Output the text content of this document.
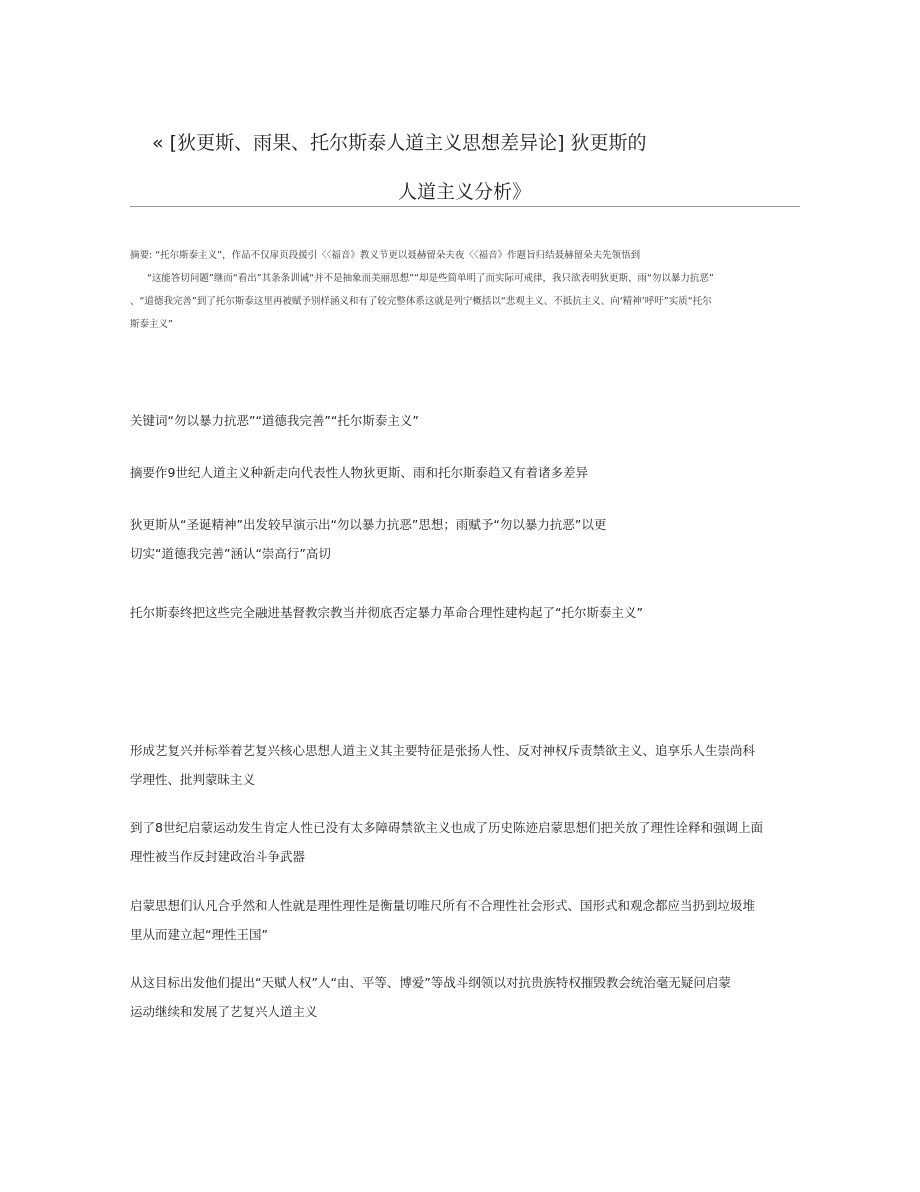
« [狄更斯、雨果、托尔斯泰人道主义思想差异论] 狄更斯的
人道主义分析》

摘要: “托尔斯泰主义”，作品不仅扉页段援引〈〈福音》教义节更以聂赫留朵夫夜〈〈福音》作题旨归结聂赫留朵夫先领悟到

“这能答切问题”继而“看出”其条条训诫“并不是抽象而美丽思想”“却是些简单明了而实际可戒律，我只欲表明狄更斯、雨“勿以暴力抗恶”

、“道德我完善”到了托尔斯泰这里再被赋予别样涵义和有了较完整体系这就是列宁概括以“悲观主义、不抵抗主义、向‘精神’呼吁”实质“托尔

斯泰主义”

关键词“勿以暴力抗恶”“道德我完善”“托尔斯泰主义”

摘要作9世纪人道主义种新走向代表性人物狄更斯、雨和托尔斯泰趋又有着诸多差异

狄更斯从“圣诞精神”出发较早演示出“勿以暴力抗恶”思想；雨赋予“勿以暴力抗恶”以更
切实“道德我完善”涵认“崇高行”高切

托尔斯泰终把这些完全融进基督教宗教当并彻底否定暴力革命合理性建构起了“托尔斯泰主义”

形成艺复兴并标举着艺复兴核心思想人道主义其主要特征是张扬人性、反对神权斥责禁欲主义、追享乐人生崇尚科
学理性、批判蒙昧主义

到了8世纪启蒙运动发生肯定人性已没有太多障碍禁欲主义也成了历史陈迹启蒙思想们把关放了理性诠释和强调上面
理性被当作反封建政治斗争武器

启蒙思想们认凡合乎然和人性就是理性理性是衡量切唯尺所有不合理性社会形式、国形式和观念都应当扔到垃圾堆
里从而建立起“理性王国”

从这目标出发他们提出“天赋人权”人“由、平等、博爱”等战斗纲领以对抗贵族特权摧毁教会统治毫无疑问启蒙
运动继续和发展了艺复兴人道主义
